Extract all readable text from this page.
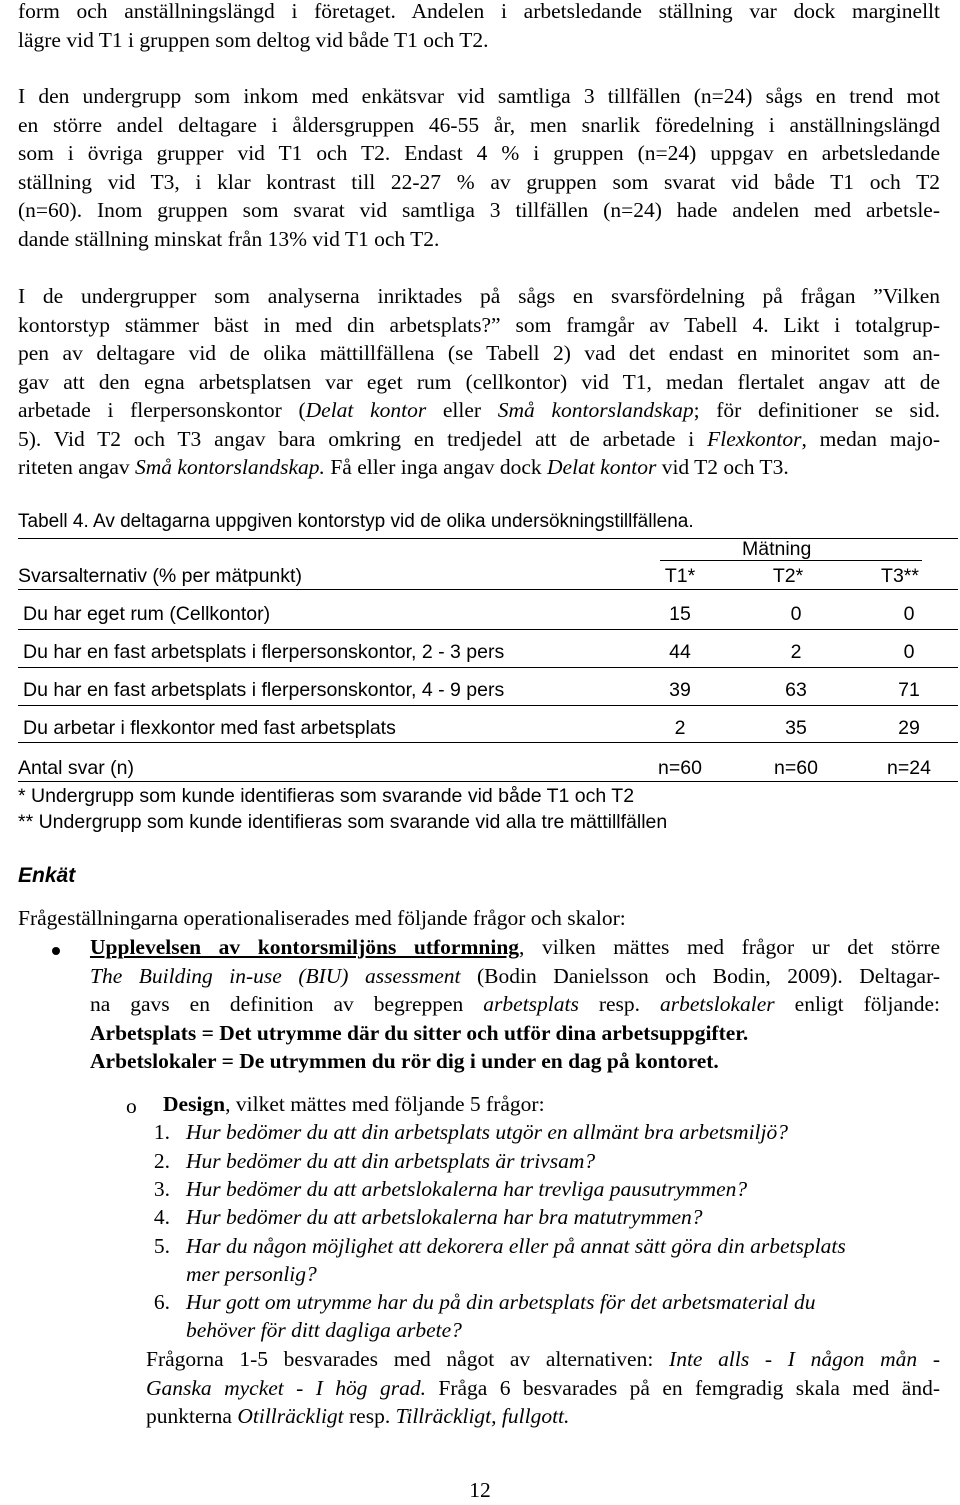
form och anställningslängd i företaget. Andelen i arbetsledande ställning var dock marginellt
lägre vid T1 i gruppen som deltog vid både T1 och T2.
I den undergrupp som inkom med enkätsvar vid samtliga 3 tillfällen (n=24) sågs en trend mot
en större andel deltagare i åldersgruppen 46-55 år, men snarlik föredelning i anställningslängd
som i övriga grupper vid T1 och T2. Endast 4 % i gruppen (n=24) uppgav en arbetsledande
ställning vid T3, i klar kontrast till 22-27 % av gruppen som svarat vid både T1 och T2
(n=60). Inom gruppen som svarat vid samtliga 3 tillfällen (n=24) hade andelen med arbetsle-
dande ställning minskat från 13% vid T1 och T2.
I de undergrupper som analyserna inriktades på sågs en svarsfördelning på frågan ”Vilken
kontorstyp stämmer bäst in med din arbetsplats?” som framgår av Tabell 4. Likt i totalgrup-
pen av deltagare vid de olika mättillfällena (se Tabell 2) vad det endast en minoritet som an-
gav att den egna arbetsplatsen var eget rum (cellkontor) vid T1, medan flertalet angav att de
arbetade i flerpersonskontor (Delat kontor eller Små kontorslandskap; för definitioner se sid.
5). Vid T2 och T3 angav bara omkring en tredjedel att de arbetade i Flexkontor, medan majo-
riteten angav Små kontorslandskap. Få eller inga angav dock Delat kontor vid T2 och T3.
Tabell 4. Av deltagarna uppgiven kontorstyp vid de olika undersökningstillfällena.
Mätning
Svarsalternativ (% per mätpunkt)	T1*	T2*	T3**
Du har eget rum (Cellkontor)	15	0	0
Du har en fast arbetsplats i flerpersonskontor, 2 - 3 pers	44	2	0
Du har en fast arbetsplats i flerpersonskontor, 4 - 9 pers	39	63	71
Du arbetar i flexkontor med fast arbetsplats	2	35	29
Antal svar (n)	n=60	n=60	n=24
* Undergrupp som kunde identifieras som svarande vid både T1 och T2
** Undergrupp som kunde identifieras som svarande vid alla tre mättillfällen
Enkät
Frågeställningarna operationaliserades med följande frågor och skalor:
Upplevelsen av kontorsmiljöns utformning, vilken mättes med frågor ur det större
The Building in-use (BIU) assessment (Bodin Danielsson och Bodin, 2009). Deltagar-
na gavs en definition av begreppen arbetsplats resp. arbetslokaler enligt följande:
Arbetsplats = Det utrymme där du sitter och utför dina arbetsuppgifter.
Arbetslokaler = De utrymmen du rör dig i under en dag på kontoret.
o Design, vilket mättes med följande 5 frågor:
1. Hur bedömer du att din arbetsplats utgör en allmänt bra arbetsmiljö?
2. Hur bedömer du att din arbetsplats är trivsam?
3. Hur bedömer du att arbetslokalerna har trevliga pausutrymmen?
4. Hur bedömer du att arbetslokalerna har bra matutrymmen?
5. Har du någon möjlighet att dekorera eller på annat sätt göra din arbetsplats
mer personlig?
6. Hur gott om utrymme har du på din arbetsplats för det arbetsmaterial du
behöver för ditt dagliga arbete?
Frågorna 1-5 besvarades med något av alternativen: Inte alls - I någon mån -
Ganska mycket - I hög grad. Fråga 6 besvarades på en femgradig skala med änd-
punkterna Otillräckligt resp. Tillräckligt, fullgott.
12
